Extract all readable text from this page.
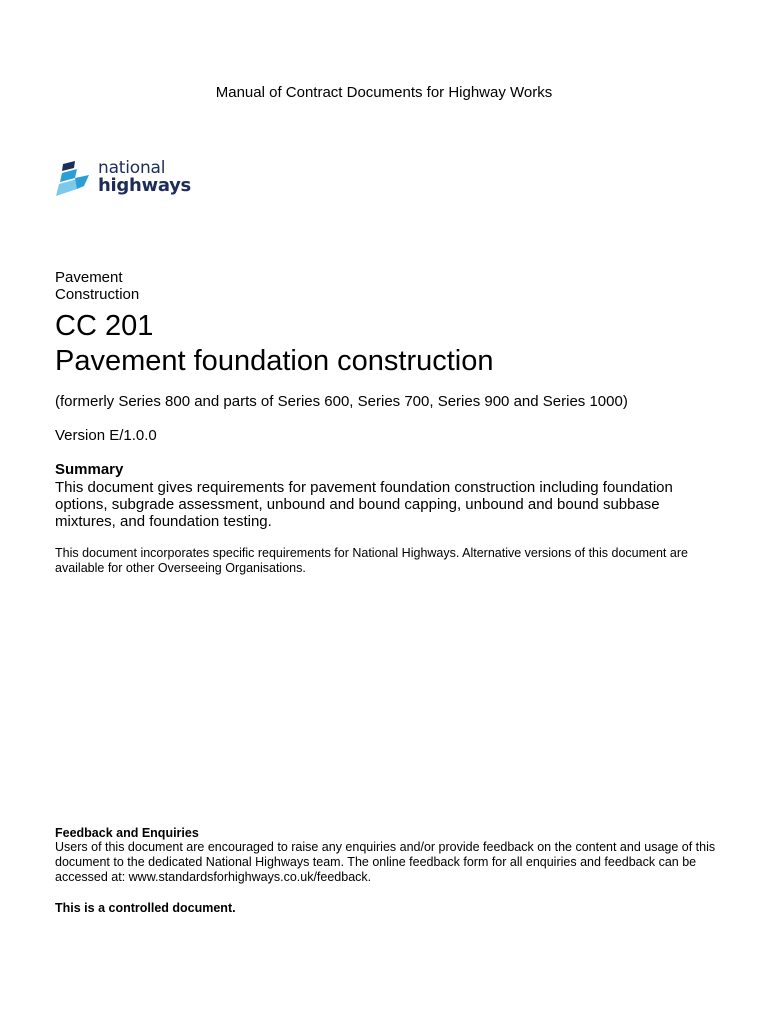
Manual of Contract Documents for Highway Works
national
highways
Pavement
Construction
CC 201
Pavement foundation construction
(formerly Series 800 and parts of Series 600, Series 700, Series 900 and Series 1000)
Version E/1.0.0
Summary
This document gives requirements for pavement foundation construction including foundation options, subgrade assessment, unbound and bound capping, unbound and bound subbase mixtures, and foundation testing.
This document incorporates specific requirements for National Highways. Alternative versions of this document are available for other Overseeing Organisations.
Feedback and Enquiries
Users of this document are encouraged to raise any enquiries and/or provide feedback on the content and usage of this document to the dedicated National Highways team. The online feedback form for all enquiries and feedback can be accessed at: www.standardsforhighways.co.uk/feedback.
This is a controlled document.
